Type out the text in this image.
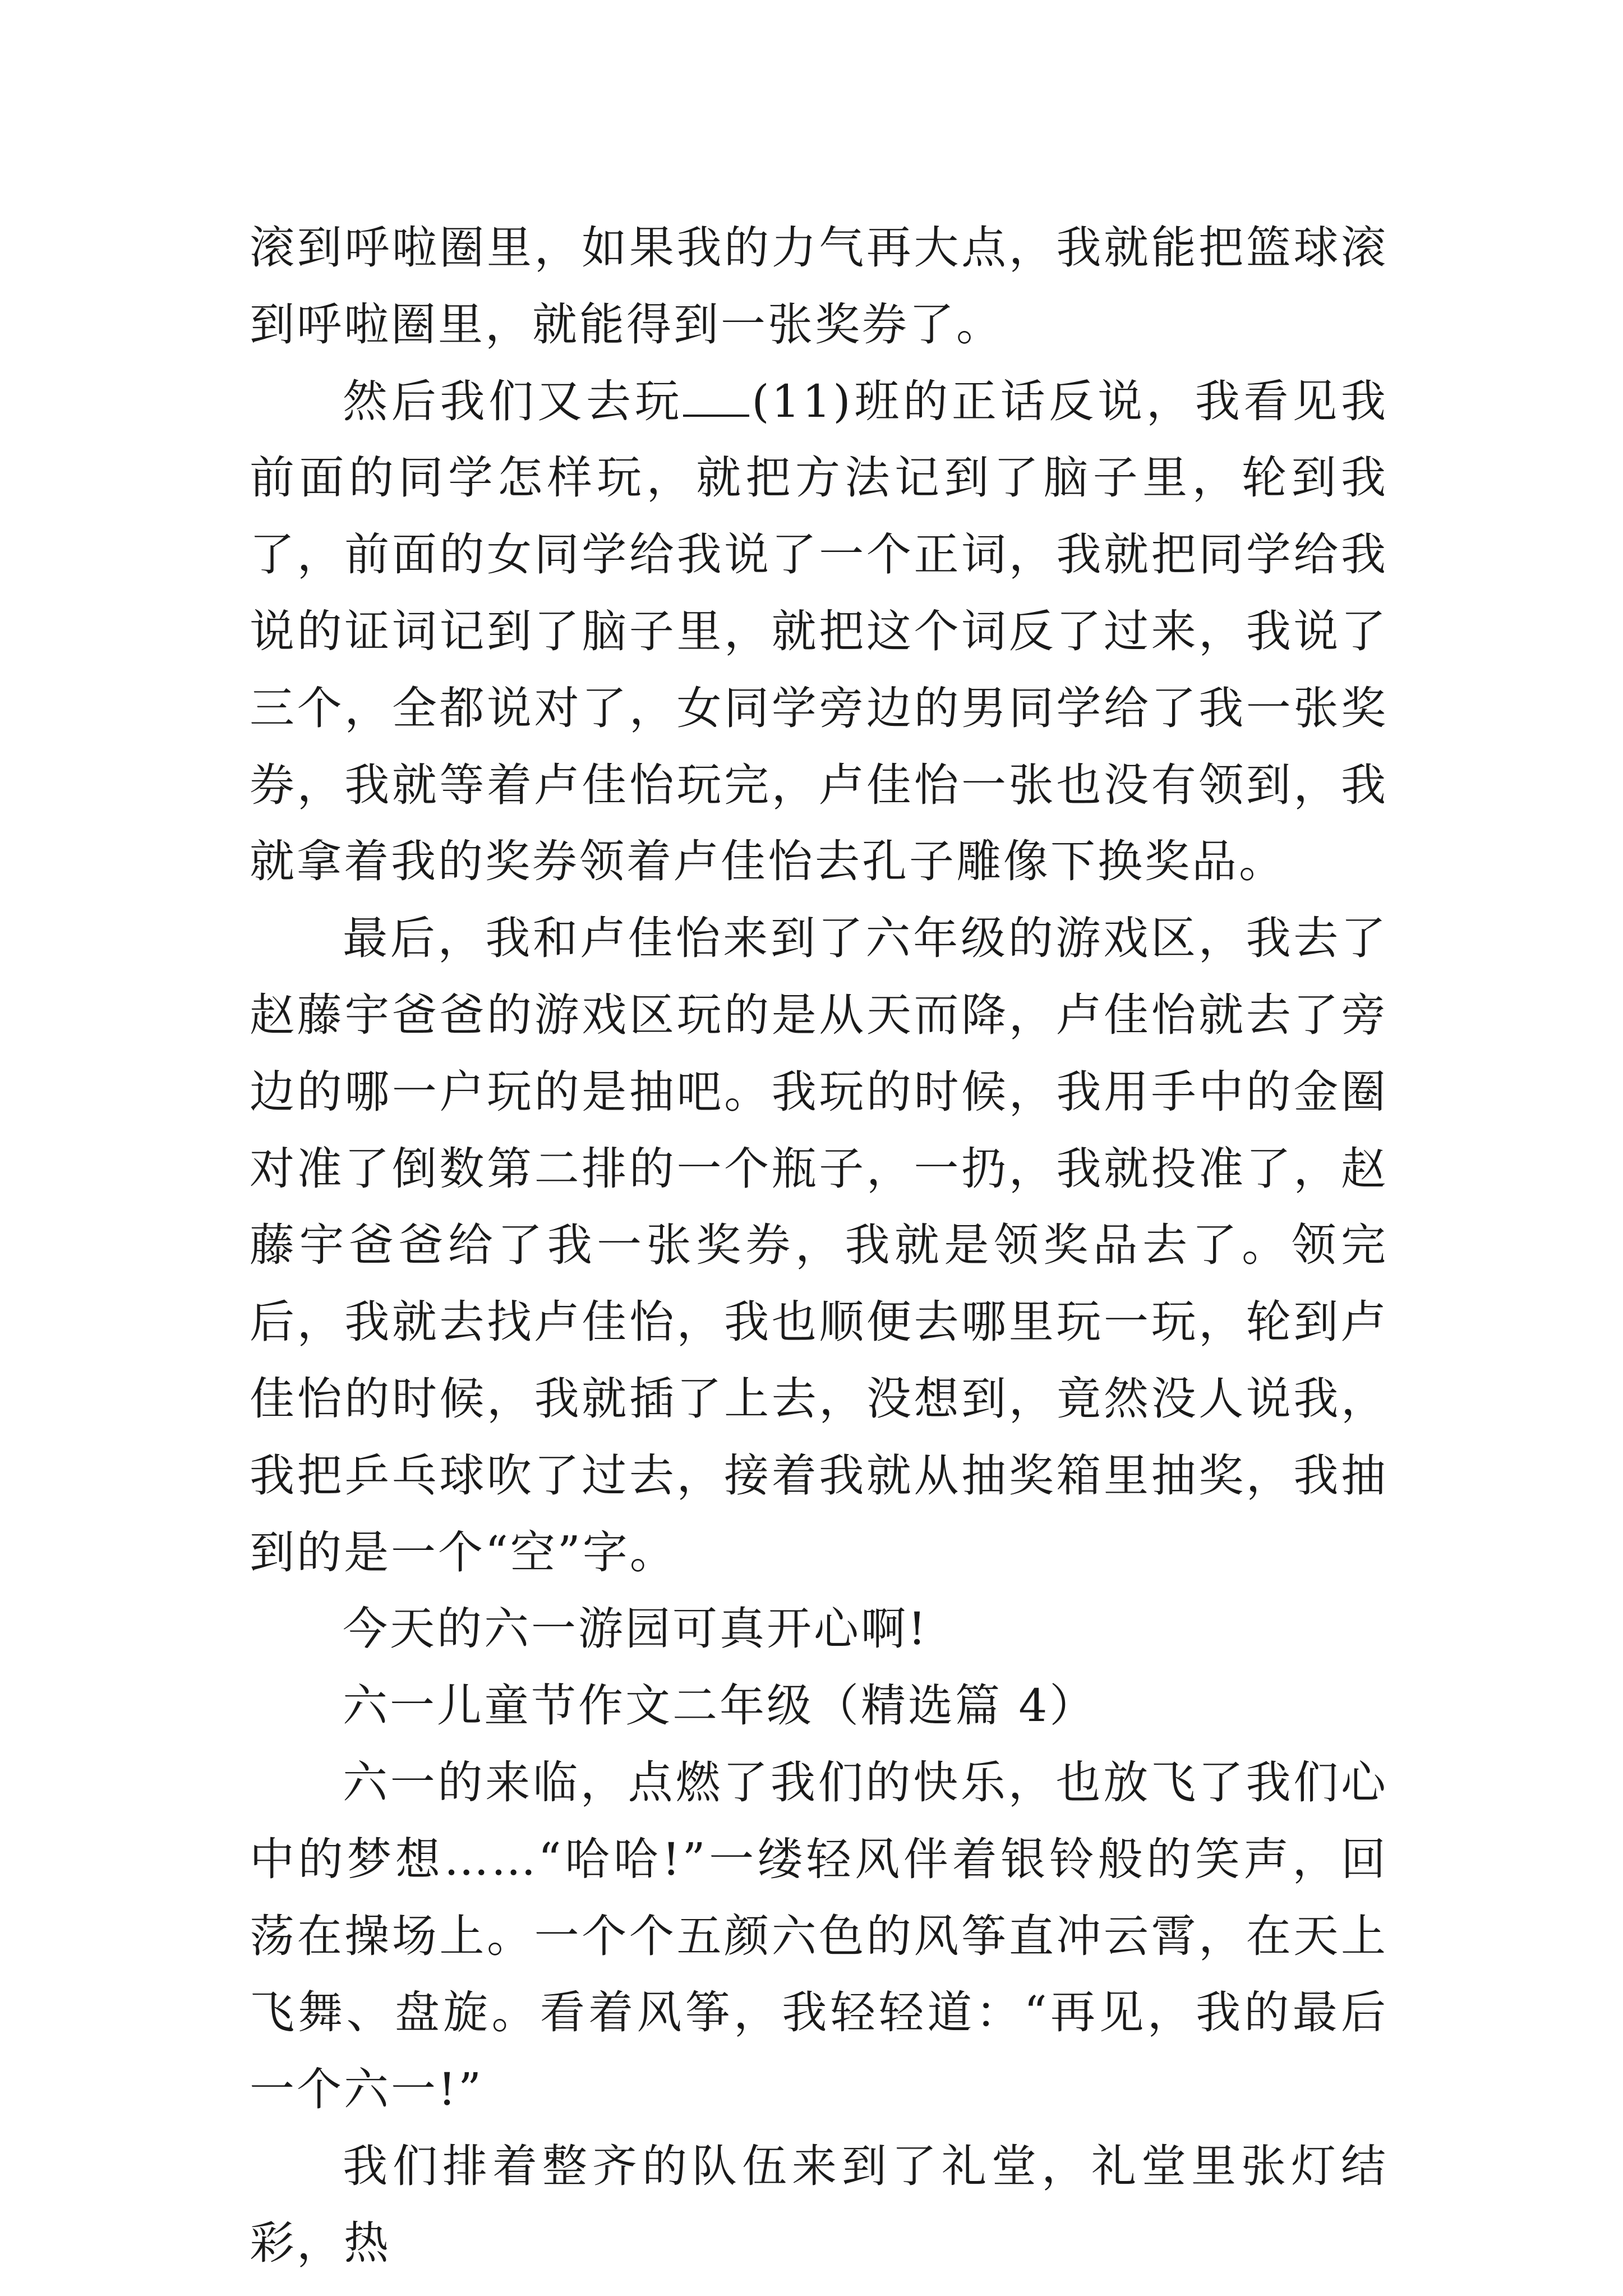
滚到呼啦圈里，如果我的力气再大点，我就能把篮球滚到呼啦圈里，就能得到一张奖券了。

然后我们又去玩 (11)班的正话反说，我看见我前面的同学怎样玩，就把方法记到了脑子里，轮到我了，前面的女同学给我说了一个正词，我就把同学给我说的证词记到了脑子里，就把这个词反了过来，我说了三个，全都说对了，女同学旁边的男同学给了我一张奖券，我就等着卢佳怡玩完，卢佳怡一张也没有领到，我就拿着我的奖券领着卢佳怡去孔子雕像下换奖品。

最后，我和卢佳怡来到了六年级的游戏区，我去了赵藤宇爸爸的游戏区玩的是从天而降，卢佳怡就去了旁边的哪一户玩的是抽吧。我玩的时候，我用手中的金圈对准了倒数第二排的一个瓶子，一扔，我就投准了，赵藤宇爸爸给了我一张奖券，我就是领奖品去了。领完后，我就去找卢佳怡，我也顺便去哪里玩一玩，轮到卢佳怡的时候，我就插了上去，没想到，竟然没人说我，我把乒乓球吹了过去，接着我就从抽奖箱里抽奖，我抽到的是一个“空”字。

今天的六一游园可真开心啊!

六一儿童节作文二年级（精选篇 4）

六一的来临，点燃了我们的快乐，也放飞了我们心中的梦想……“哈哈!”一缕轻风伴着银铃般的笑声，回荡在操场上。一个个五颜六色的风筝直冲云霄，在天上飞舞、盘旋。看着风筝，我轻轻道：“再见，我的最后一个六一!”

我们排着整齐的队伍来到了礼堂，礼堂里张灯结彩，热
